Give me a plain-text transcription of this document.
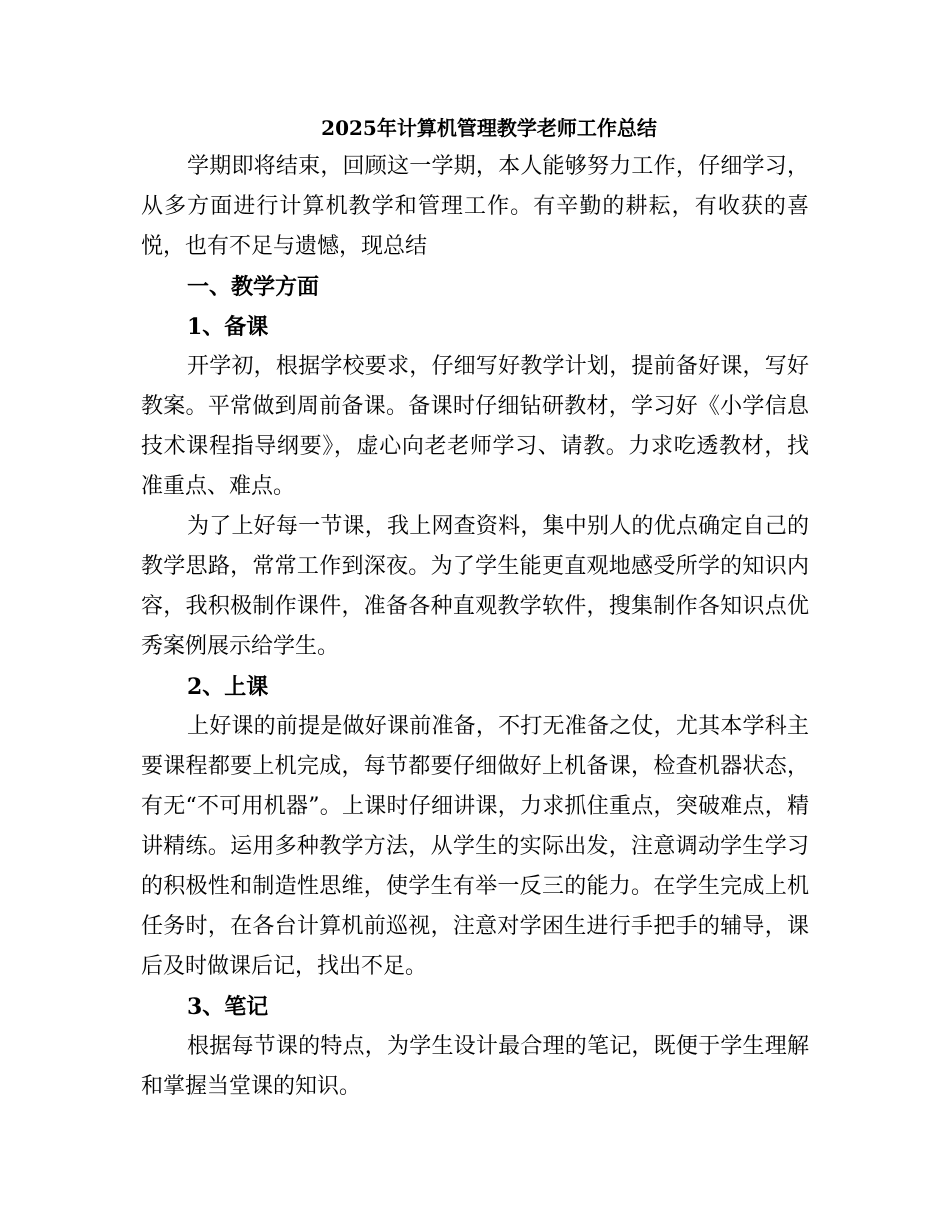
2025年计算机管理教学老师工作总结

学期即将结束，回顾这一学期，本人能够努力工作，仔细学习，从多方面进行计算机教学和管理工作。有辛勤的耕耘，有收获的喜悦，也有不足与遗憾，现总结

一、教学方面

1、备课

开学初，根据学校要求，仔细写好教学计划，提前备好课，写好教案。平常做到周前备课。备课时仔细钻研教材，学习好《小学信息技术课程指导纲要》，虚心向老老师学习、请教。力求吃透教材，找准重点、难点。

为了上好每一节课，我上网查资料，集中别人的优点确定自己的教学思路，常常工作到深夜。为了学生能更直观地感受所学的知识内容，我积极制作课件，准备各种直观教学软件，搜集制作各知识点优秀案例展示给学生。

2、上课

上好课的前提是做好课前准备，不打无准备之仗，尤其本学科主要课程都要上机完成，每节都要仔细做好上机备课，检查机器状态，有无“不可用机器”。上课时仔细讲课，力求抓住重点，突破难点，精讲精练。运用多种教学方法，从学生的实际出发，注意调动学生学习的积极性和制造性思维，使学生有举一反三的能力。在学生完成上机任务时，在各台计算机前巡视，注意对学困生进行手把手的辅导，课后及时做课后记，找出不足。

3、笔记

根据每节课的特点，为学生设计最合理的笔记，既便于学生理解和掌握当堂课的知识。
